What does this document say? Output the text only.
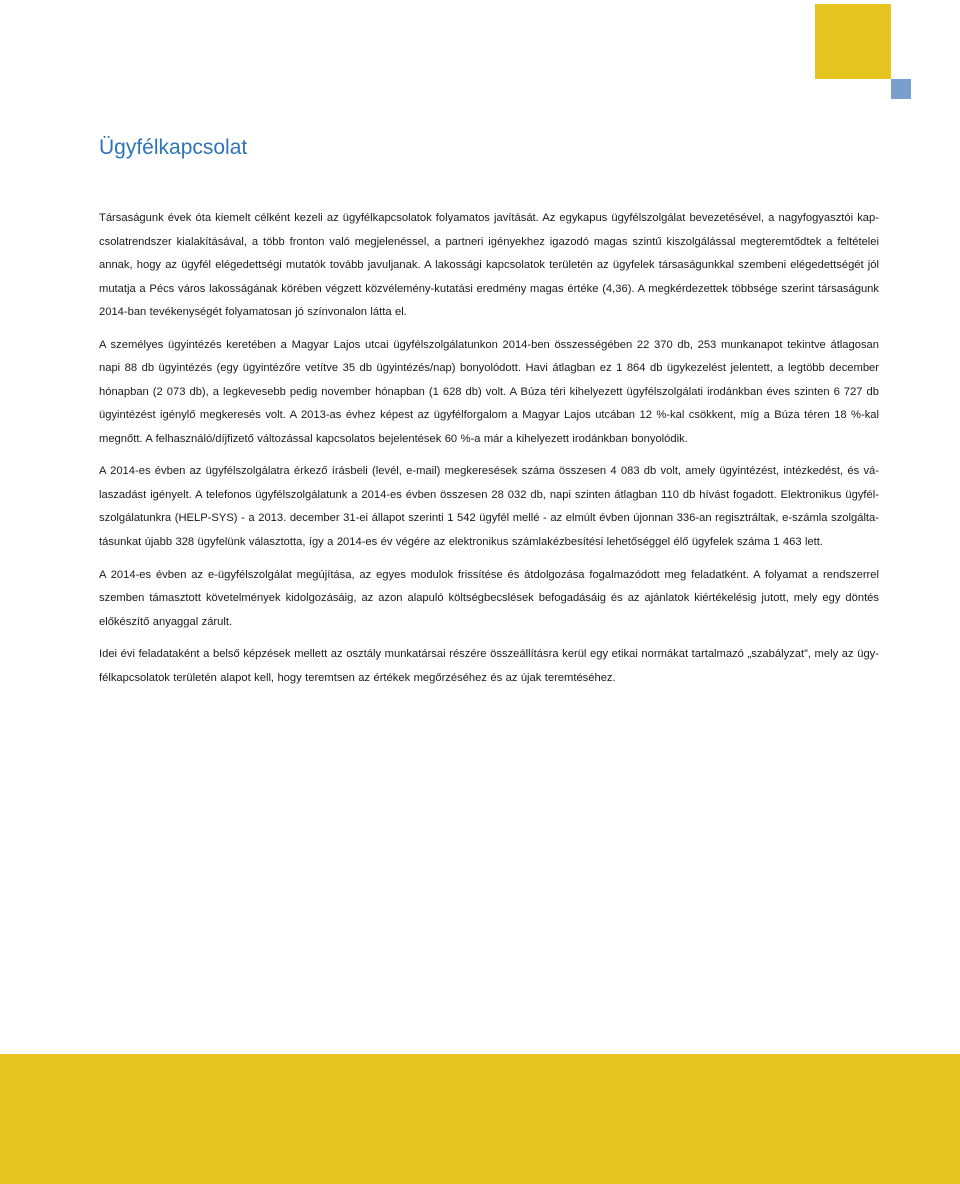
Ügyfélkapcsolat

Társaságunk évek óta kiemelt célként kezeli az ügyfélkapcsolatok folyamatos javítását. Az egykapus ügyfélszolgálat bevezetésével, a nagyfogyasztói kapcsolatrendszer kialakításával, a több fronton való megjelenéssel, a partneri igényekhez igazodó magas szintű kiszolgálással megteremtődtek a feltételei annak, hogy az ügyfél elégedettségi mutatók tovább javuljanak. A lakossági kapcsolatok területén az ügyfelek társaságunkkal szembeni elégedettségét jól mutatja a Pécs város lakosságának körében végzett közvélemény-kutatási eredmény magas értéke (4,36). A megkérdezettek többsége szerint társaságunk 2014-ban tevékenységét folyamatosan jó színvonalon látta el.

A személyes ügyintézés keretében a Magyar Lajos utcai ügyfélszolgálatunkon 2014-ben összességében 22 370 db, 253 munkanapot tekintve átlagosan napi 88 db ügyintézés (egy ügyintézőre vetítve 35 db ügyintézés/nap) bonyolódott. Havi átlagban ez 1 864 db ügykezelést jelentett, a legtöbb december hónapban (2 073 db), a legkevesebb pedig november hónapban (1 628 db) volt. A Búza téri kihelyezett ügyfélszolgálati irodánkban éves szinten 6 727 db ügyintézést igénylő megkeresés volt. A 2013-as évhez képest az ügyfélforgalom a Magyar Lajos utcában 12 %-kal csökkent, míg a Búza téren 18 %-kal megnőtt. A felhasználó/díjfizető változással kapcsolatos bejelentések 60 %-a már a kihelyezett irodánkban bonyolódik.

A 2014-es évben az ügyfélszolgálatra érkező írásbeli (levél, e-mail) megkeresések száma összesen 4 083 db volt, amely ügyintézést, intézkedést, és válaszadást igényelt. A telefonos ügyfélszolgálatunk a 2014-es évben összesen 28 032 db, napi szinten átlagban 110 db hívást fogadott. Elektronikus ügyfélszolgálatunkra (HELP-SYS) - a 2013. december 31-ei állapot szerinti 1 542 ügyfél mellé - az elmúlt évben újonnan 336-an regisztráltak, e-számla szolgáltatásunkat újabb 328 ügyfelünk választotta, így a 2014-es év végére az elektronikus számlakézbesítési lehetőséggel élő ügyfelek száma 1 463 lett.

A 2014-es évben az e-ügyfélszolgálat megújítása, az egyes modulok frissítése és átdolgozása fogalmazódott meg feladatként. A folyamat a rendszerrel szemben támasztott követelmények kidolgozásáig, az azon alapuló költségbecslések befogadásáig és az ajánlatok kiértékelésig jutott, mely egy döntés előkészítő anyaggal zárult.

Idei évi feladataként a belső képzések mellett az osztály munkatársai részére összeállításra kerül egy etikai normákat tartalmazó „szabályzat”, mely az ügyfélkapcsolatok területén alapot kell, hogy teremtsen az értékek megőrzéséhez és az újak teremtéséhez.
